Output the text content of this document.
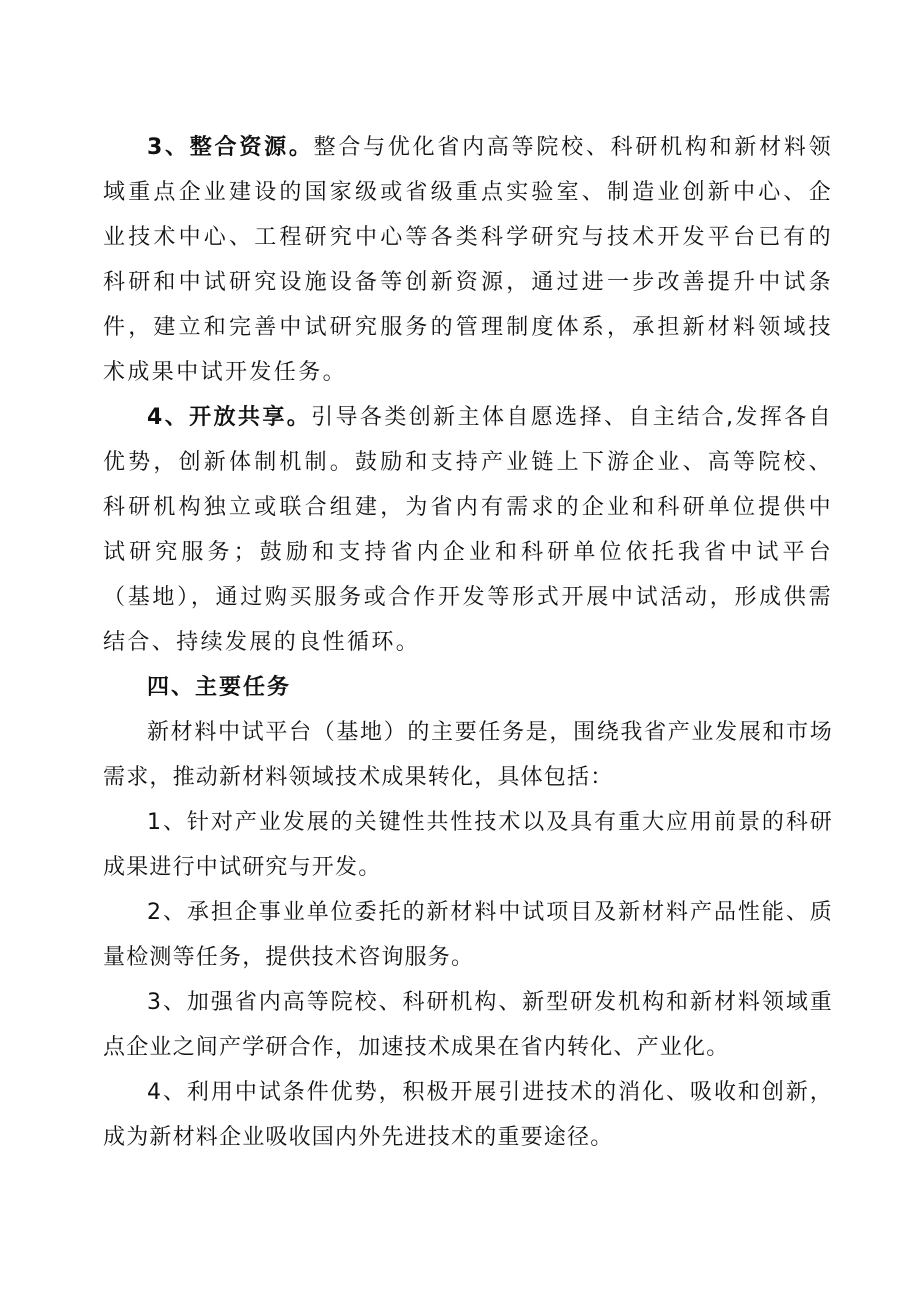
3、整合资源。整合与优化省内高等院校、科研机构和新材料领域重点企业建设的国家级或省级重点实验室、制造业创新中心、企业技术中心、工程研究中心等各类科学研究与技术开发平台已有的科研和中试研究设施设备等创新资源，通过进一步改善提升中试条件，建立和完善中试研究服务的管理制度体系，承担新材料领域技术成果中试开发任务。

4、开放共享。引导各类创新主体自愿选择、自主结合,发挥各自优势，创新体制机制。鼓励和支持产业链上下游企业、高等院校、科研机构独立或联合组建，为省内有需求的企业和科研单位提供中试研究服务；鼓励和支持省内企业和科研单位依托我省中试平台（基地），通过购买服务或合作开发等形式开展中试活动，形成供需结合、持续发展的良性循环。

四、主要任务

新材料中试平台（基地）的主要任务是，围绕我省产业发展和市场需求，推动新材料领域技术成果转化，具体包括：

1、针对产业发展的关键性共性技术以及具有重大应用前景的科研成果进行中试研究与开发。

2、承担企事业单位委托的新材料中试项目及新材料产品性能、质量检测等任务，提供技术咨询服务。

3、加强省内高等院校、科研机构、新型研发机构和新材料领域重点企业之间产学研合作，加速技术成果在省内转化、产业化。

4、利用中试条件优势，积极开展引进技术的消化、吸收和创新，成为新材料企业吸收国内外先进技术的重要途径。
